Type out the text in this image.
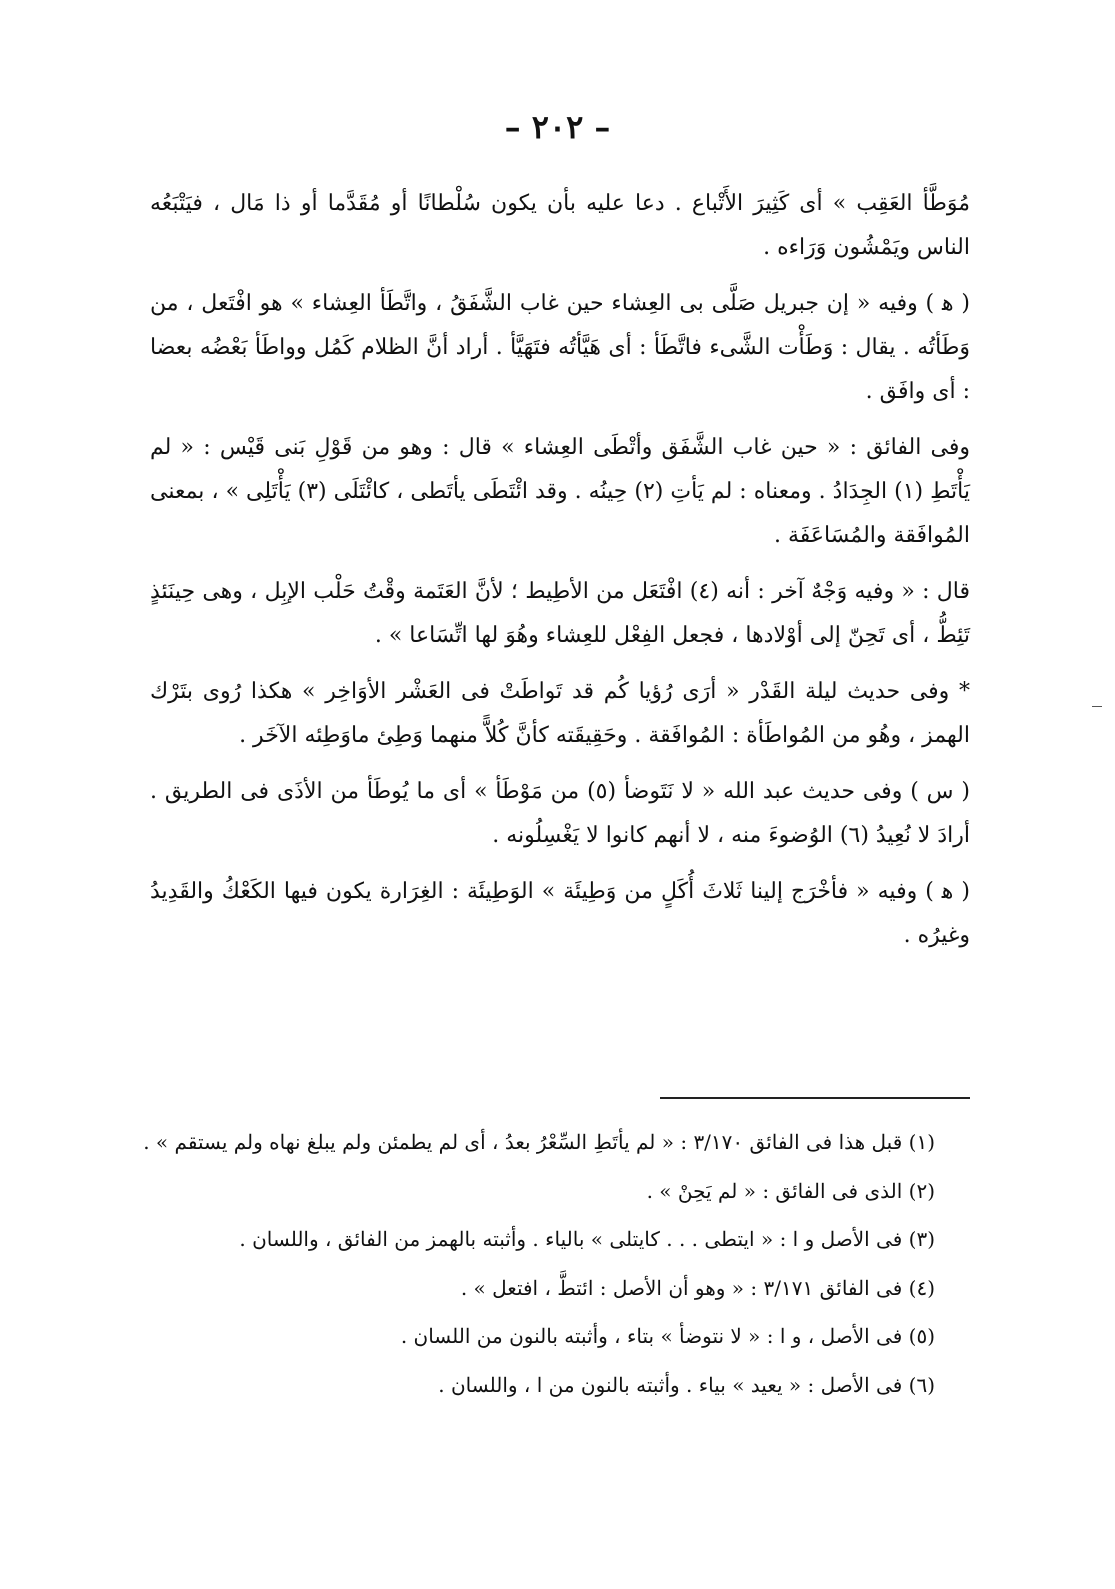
– ٢٠٢ –

مُوَطَّأ العَقِب » أى كَثِيرَ الأَتْباع . دعا عليه بأن يكون سُلْطانًا أو مُقَدَّما أو ذا مَال ، فيَتْبَعُه الناس ويَمْشُون وَرَاءه .

( ﻫ ) وفيه « إن جبريل صَلَّى بى العِشاء حين غاب الشَّفَقُ ، واتَّطَأ العِشاء » هو افْتَعل ، من وَطَأتُه . يقال : وَطَأْت الشَّىء فاتَّطَأ : أى هَيَّأتُه فتَهَيَّأ . أراد أنَّ الظلام كَمُل وواطَأ بَعْضُه بعضا : أى وافَق .

وفى الفائق : « حين غاب الشَّفَق وأتْطَى العِشاء » قال : وهو من قَوْلِ بَنى قَيْس : « لم يَأْتَطِ (١) الجِدَادُ . ومعناه : لم يَأتِ (٢) حِينُه . وقد ائْتَطَى يأتَطى ، كائْتَلَى (٣) يَأْتَلِى » ، بمعنى المُوافَقة والمُسَاعَفَة .

قال : « وفيه وَجْهٌ آخر : أنه (٤) افْتَعَل من الأطِيط ؛ لأنَّ العَتَمة وقْتُ حَلْب الإبِل ، وهى حِينَئذٍ تَئِطُّ ، أى تَحِنّ إلى أوْلادها ، فجعل الفِعْل للعِشاء وهُوَ لها اتِّسَاعا » .

* وفى حديث ليلة القَدْر « أرَى رُؤيا كُم قد تَواطَتْ فى العَشْر الأوَاخِر » هكذا رُوى بتَرْك الهمز ، وهُو من المُواطَأة : المُوافَقة . وحَقِيقَته كأنَّ كُلاًّ منهما وَطِئ ماوَطِئه الآخَر .

( س ) وفى حديث عبد الله « لا نَتَوضأ (٥) من مَوْطَأ » أى ما يُوطَأ من الأذَى فى الطريق . أرادَ لا نُعِيدُ (٦) الوُضوءَ منه ، لا أنهم كانوا لا يَغْسِلُونه .

( ﻫ ) وفيه « فأخْرَج إلينا ثَلاثَ أُكَلٍ من وَطِيئَة » الوَطِيئَة : الغِرَارة يكون فيها الكَعْكُ والقَدِيدُ وغيرُه .

(١) قبل هذا فى الفائق ٣/١٧٠ : « لم يأتَطِ السِّعْرُ بعدُ ، أى لم يطمئن ولم يبلغ نهاه ولم يستقم » .

(٢) الذى فى الفائق : « لم يَحِنْ » .

(٣) فى الأصل و ا : « ايتطى . . . كايتلى » بالياء . وأثبته بالهمز من الفائق ، واللسان .

(٤) فى الفائق ٣/١٧١ : « وهو أن الأصل : ائتطَّ ، افتعل » .

(٥) فى الأصل ، و ا : « لا نتوضأ » بتاء ، وأثبته بالنون من اللسان .

(٦) فى الأصل : « يعيد » بياء . وأثبته بالنون من ا ، واللسان .
